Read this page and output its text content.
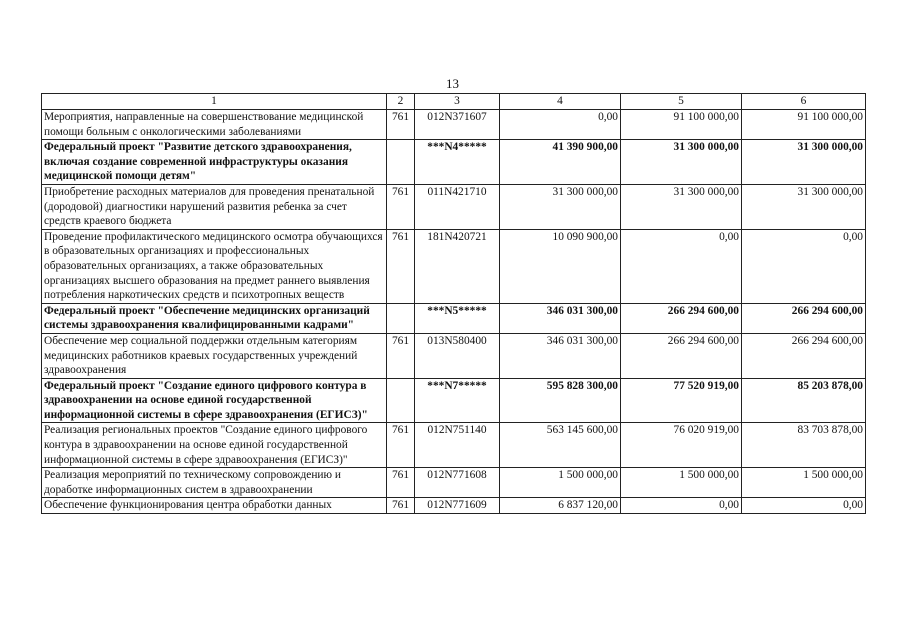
13
1	2	3	4	5	6
Мероприятия, направленные на совершенствование медицинской помощи больным с онкологическими заболеваниями	761	012N371607	0,00	91 100 000,00	91 100 000,00
Федеральный проект "Развитие детского здравоохранения, включая создание современной инфраструктуры оказания медицинской помощи детям"		***N4*****	41 390 900,00	31 300 000,00	31 300 000,00
Приобретение расходных материалов для проведения пренатальной (дородовой) диагностики нарушений развития ребенка за счет средств краевого бюджета	761	011N421710	31 300 000,00	31 300 000,00	31 300 000,00
Проведение профилактического медицинского осмотра обучающихся в образовательных организациях и профессиональных образовательных организациях, а также образовательных организациях высшего образования на предмет раннего выявления потребления наркотических средств и психотропных веществ	761	181N420721	10 090 900,00	0,00	0,00
Федеральный проект "Обеспечение медицинских организаций системы здравоохранения квалифицированными кадрами"		***N5*****	346 031 300,00	266 294 600,00	266 294 600,00
Обеспечение мер социальной поддержки отдельным категориям медицинских работников краевых государственных учреждений здравоохранения	761	013N580400	346 031 300,00	266 294 600,00	266 294 600,00
Федеральный проект "Создание единого цифрового контура в здравоохранении на основе единой государственной информационной системы в сфере здравоохранения (ЕГИСЗ)"		***N7*****	595 828 300,00	77 520 919,00	85 203 878,00
Реализация региональных проектов "Создание единого цифрового контура в здравоохранении на основе единой государственной информационной системы в сфере здравоохранения (ЕГИСЗ)"	761	012N751140	563 145 600,00	76 020 919,00	83 703 878,00
Реализация мероприятий по техническому сопровождению и доработке информационных систем в здравоохранении	761	012N771608	1 500 000,00	1 500 000,00	1 500 000,00
Обеспечение функционирования центра обработки данных	761	012N771609	6 837 120,00	0,00	0,00
